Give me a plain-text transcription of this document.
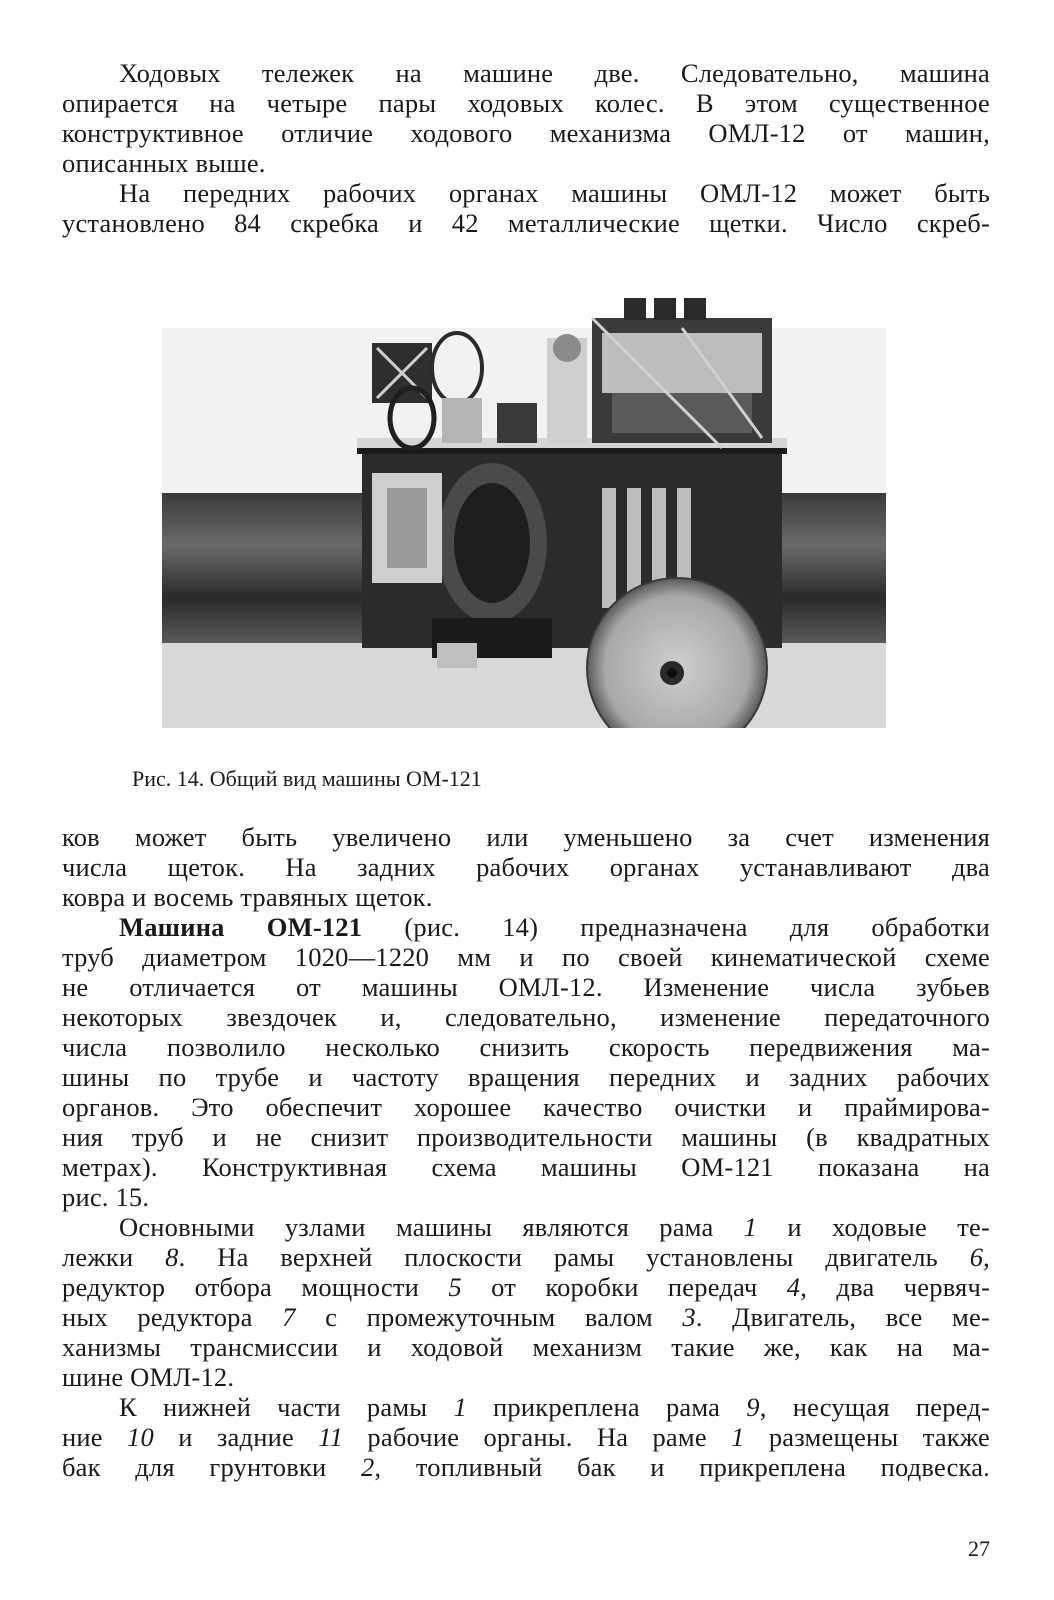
Ходовых тележек на машине две. Следовательно, машина
опирается на четыре пары ходовых колес. В этом существенное
конструктивное отличие ходового механизма ОМЛ-12 от машин,
описанных выше.
На передних рабочих органах машины ОМЛ-12 может быть
установлено 84 скребка и 42 металлические щетки. Число скреб-
Рис. 14. Общий вид машины ОМ-121
ков может быть увеличено или уменьшено за счет изменения
числа щеток. На задних рабочих органах устанавливают два
ковра и восемь травяных щеток.
Машина ОМ-121 (рис. 14) предназначена для обработки
труб диаметром 1020—1220 мм и по своей кинематической схеме
не отличается от машины ОМЛ-12. Изменение числа зубьев
некоторых звездочек и, следовательно, изменение передаточного
числа позволило несколько снизить скорость передвижения ма-
шины по трубе и частоту вращения передних и задних рабочих
органов. Это обеспечит хорошее качество очистки и праймирова-
ния труб и не снизит производительности машины (в квадратных
метрах). Конструктивная схема машины ОМ-121 показана на
рис. 15.
Основными узлами машины являются рама 1 и ходовые те-
лежки 8. На верхней плоскости рамы установлены двигатель 6,
редуктор отбора мощности 5 от коробки передач 4, два червяч-
ных редуктора 7 с промежуточным валом 3. Двигатель, все ме-
ханизмы трансмиссии и ходовой механизм такие же, как на ма-
шине ОМЛ-12.
К нижней части рамы 1 прикреплена рама 9, несущая перед-
ние 10 и задние 11 рабочие органы. На раме 1 размещены также
бак для грунтовки 2, топливный бак и прикреплена подвеска.
27
